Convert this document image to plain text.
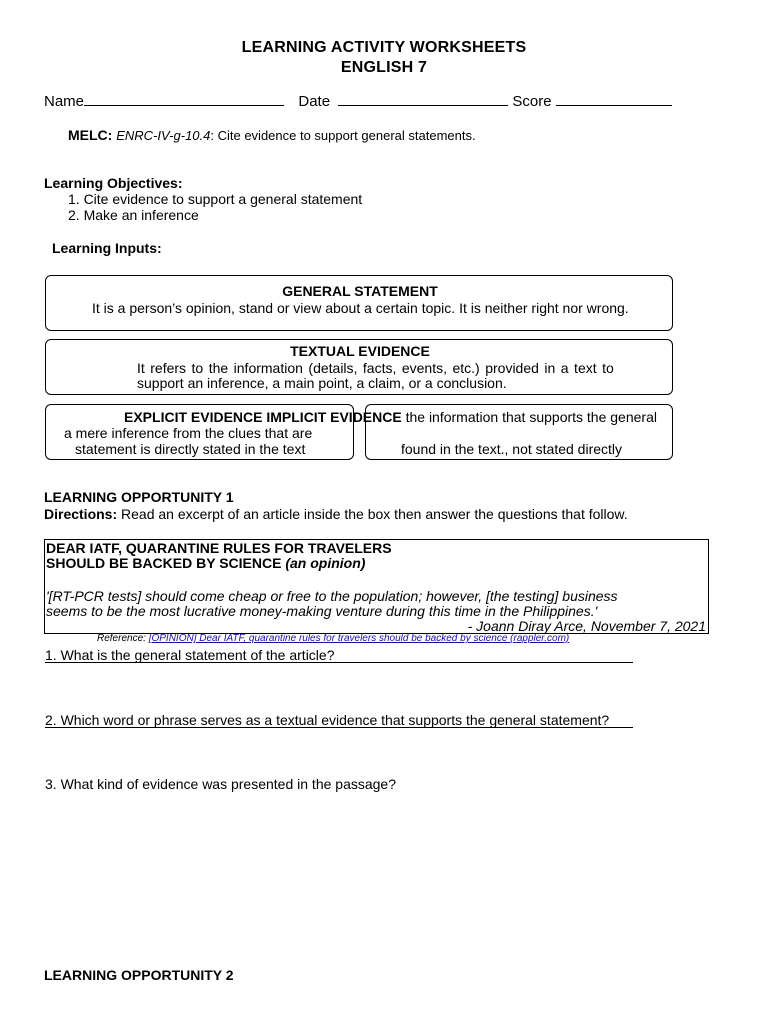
LEARNING ACTIVITY WORKSHEETS
ENGLISH 7
Name	Date	Score
MELC: ENRC-IV-g-10.4: Cite evidence to support general statements.
Learning Objectives:
1. Cite evidence to support a general statement
2. Make an inference
Learning Inputs:
GENERAL STATEMENT
It is a person’s opinion, stand or view about a certain topic. It is neither right nor wrong.
TEXTUAL EVIDENCE
It refers to the information (details, facts, events, etc.) provided in a text to
support an inference, a main point, a claim, or a conclusion.
EXPLICIT EVIDENCE IMPLICIT EVIDENCE the information that supports the general
a mere inference from the clues that are
statement is directly stated in the text	found in the text., not stated directly
LEARNING OPPORTUNITY 1
Directions: Read an excerpt of an article inside the box then answer the questions that follow.
DEAR IATF, QUARANTINE RULES FOR TRAVELERS
SHOULD BE BACKED BY SCIENCE (an opinion)
'[RT-PCR tests] should come cheap or free to the population; however, [the testing] business
seems to be the most lucrative money-making venture during this time in the Philippines.'
- Joann Diray Arce, November 7, 2021
Reference: [OPINION] Dear IATF, quarantine rules for travelers should be backed by science (rappler.com)
1. What is the general statement of the article?
2. Which word or phrase serves as a textual evidence that supports the general statement?
3. What kind of evidence was presented in the passage?
LEARNING OPPORTUNITY 2
